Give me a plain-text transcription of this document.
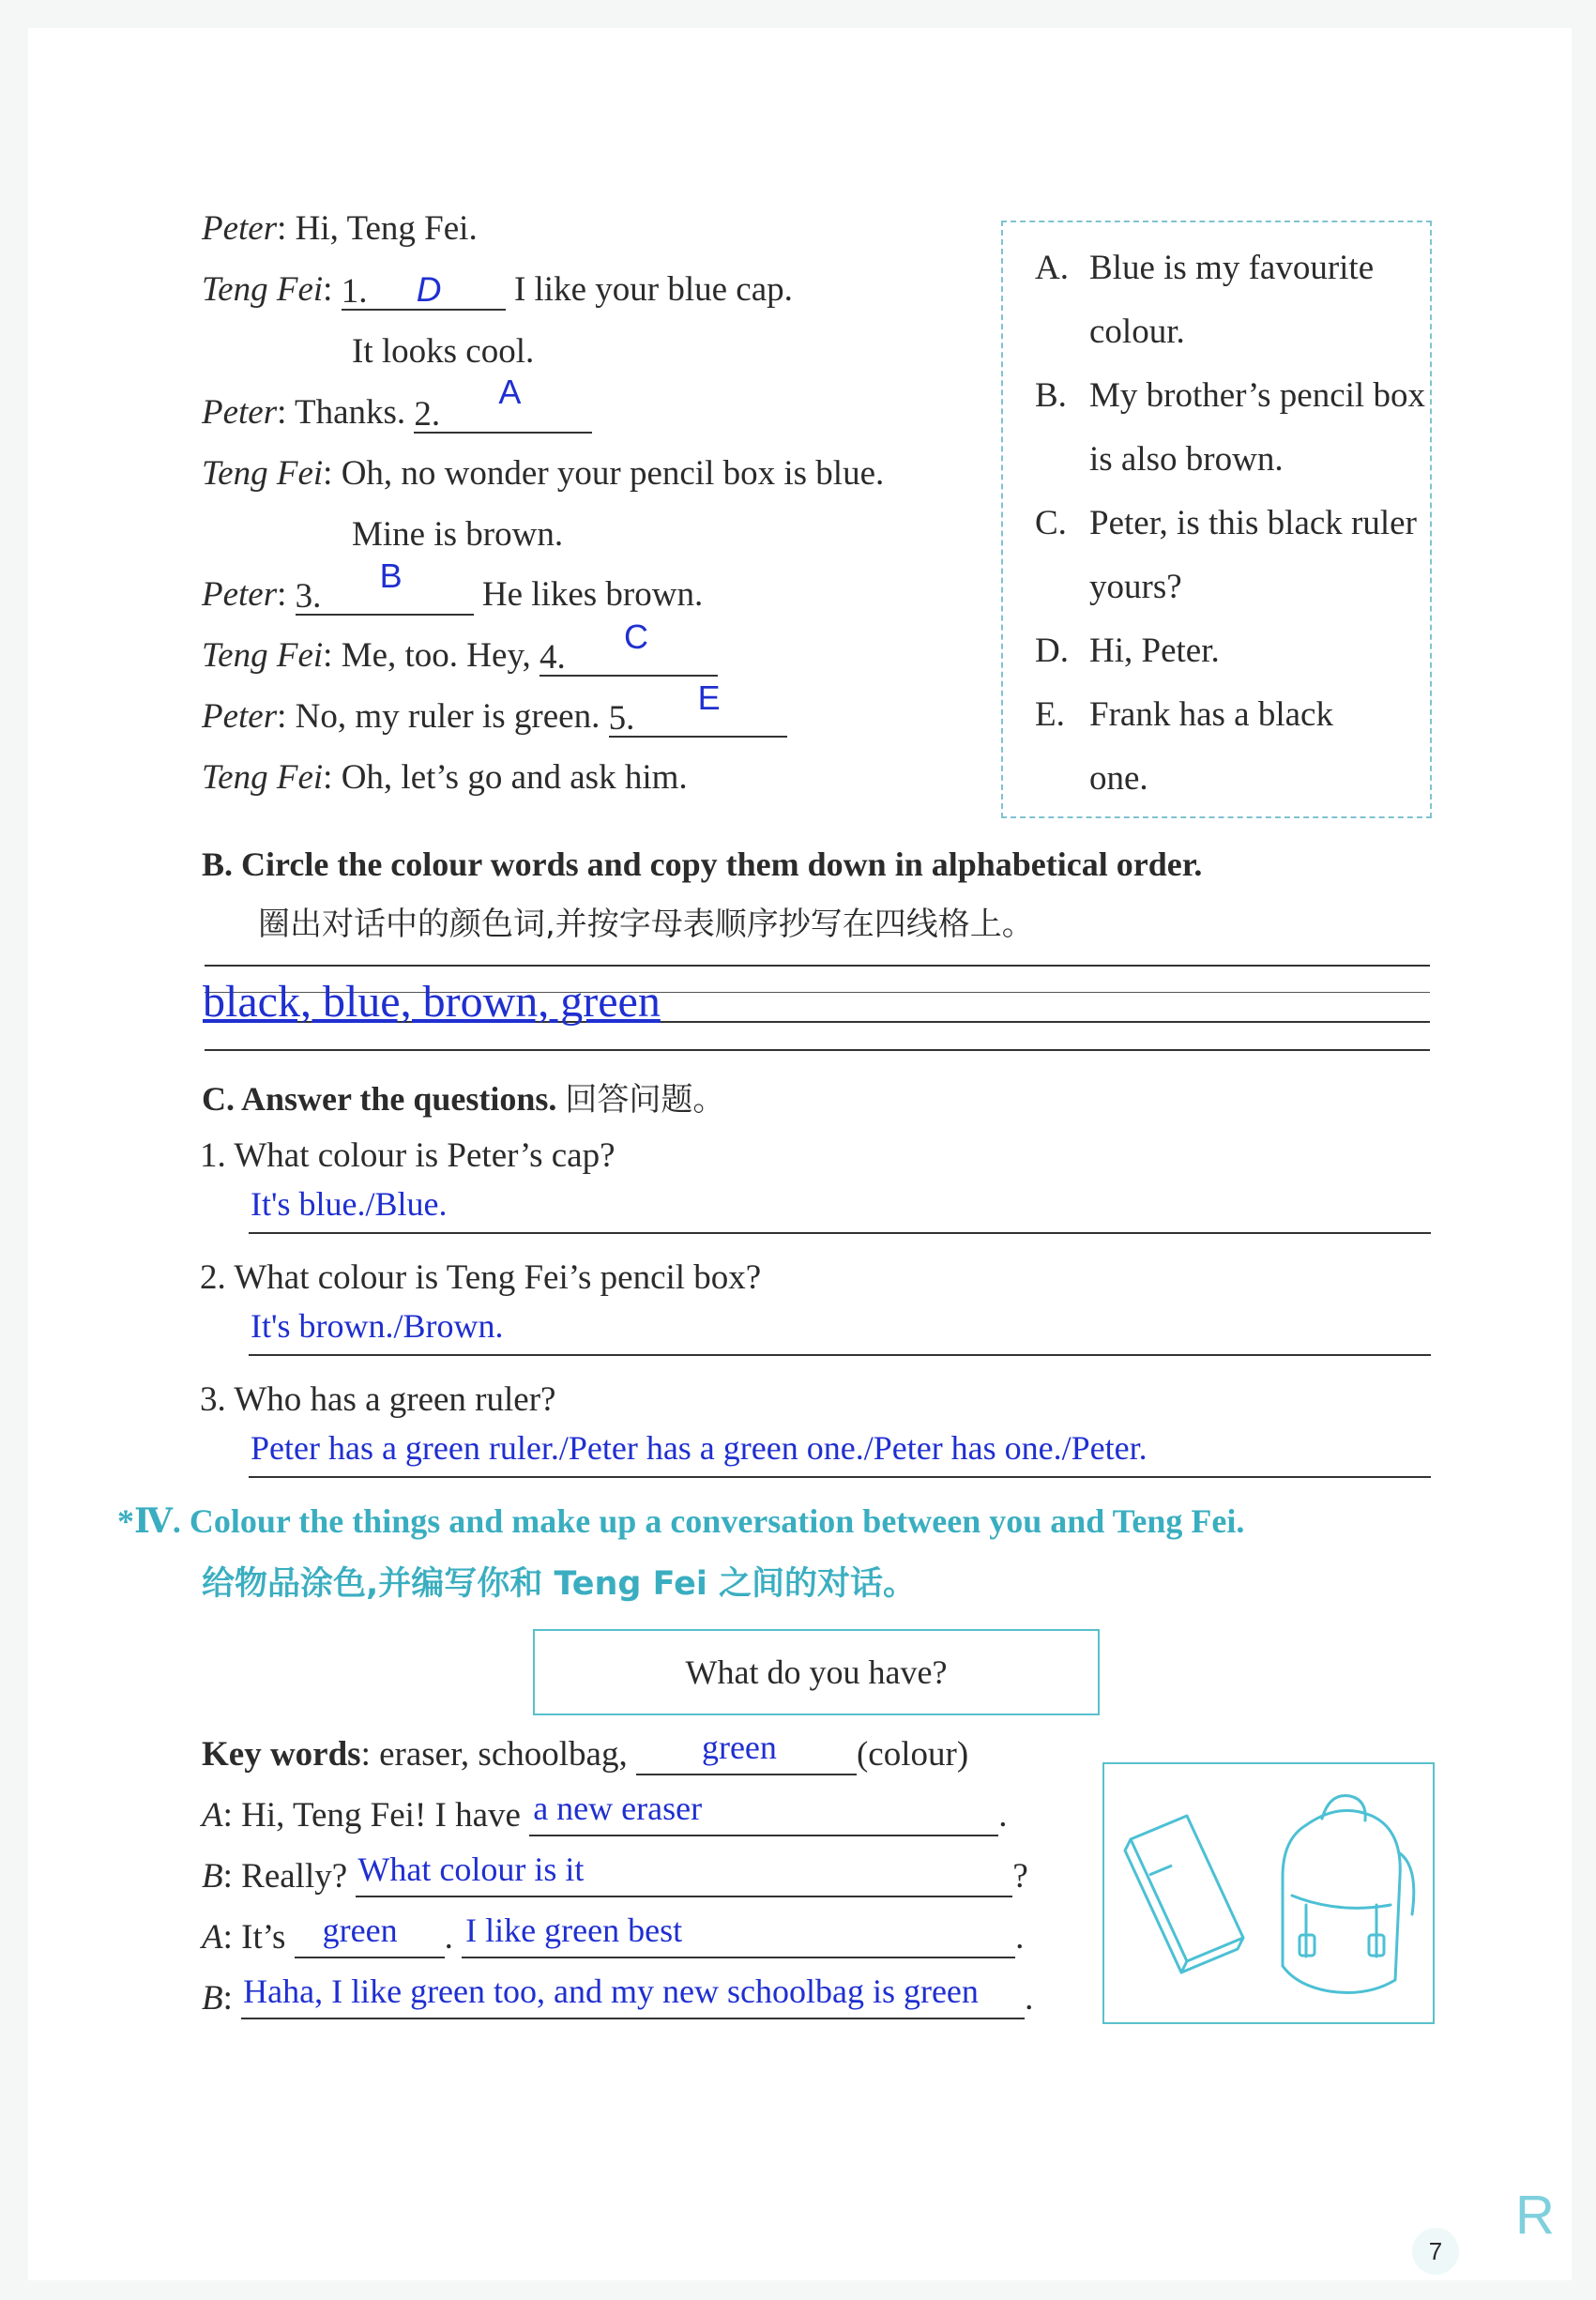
Peter: Hi, Teng Fei.
Teng Fei: 1. D I like your blue cap.
It looks cool.
Peter: Thanks. 2.
A
Teng Fei: Oh, no wonder your pencil box is blue.
Mine is brown.
Peter: 3.
B He likes brown.
Teng Fei: Me, too. Hey, 4.
C
Peter: No, my ruler is green. 5.
E
Teng Fei: Oh, let’s go and ask him.
A. Blue is my favourite colour.
B. My brother’s pencil box is also brown.
C. Peter, is this black ruler yours?
D. Hi, Peter.
E. Frank has a black one.
B. Circle the colour words and copy them down in alphabetical order.
圈出对话中的颜色词,并按字母表顺序抄写在四线格上。
black, blue, brown, green
C. Answer the questions. 回答问题。
1. What colour is Peter’s cap?
It's blue./Blue.
2. What colour is Teng Fei’s pencil box?
It's brown./Brown.
3. Who has a green ruler?
Peter has a green ruler./Peter has a green one./Peter has one./Peter.
*Ⅳ. Colour the things and make up a conversation between you and Teng Fei.
给物品涂色,并编写你和 Teng Fei 之间的对话。
What do you have?
Key words: eraser, schoolbag, green (colour)
A: Hi, Teng Fei! I have a new eraser	.
B: Really? What colour is it	?
A: It’s green . I like green best	.
B: Haha, I like green too, and my new schoolbag is green .
7
R
